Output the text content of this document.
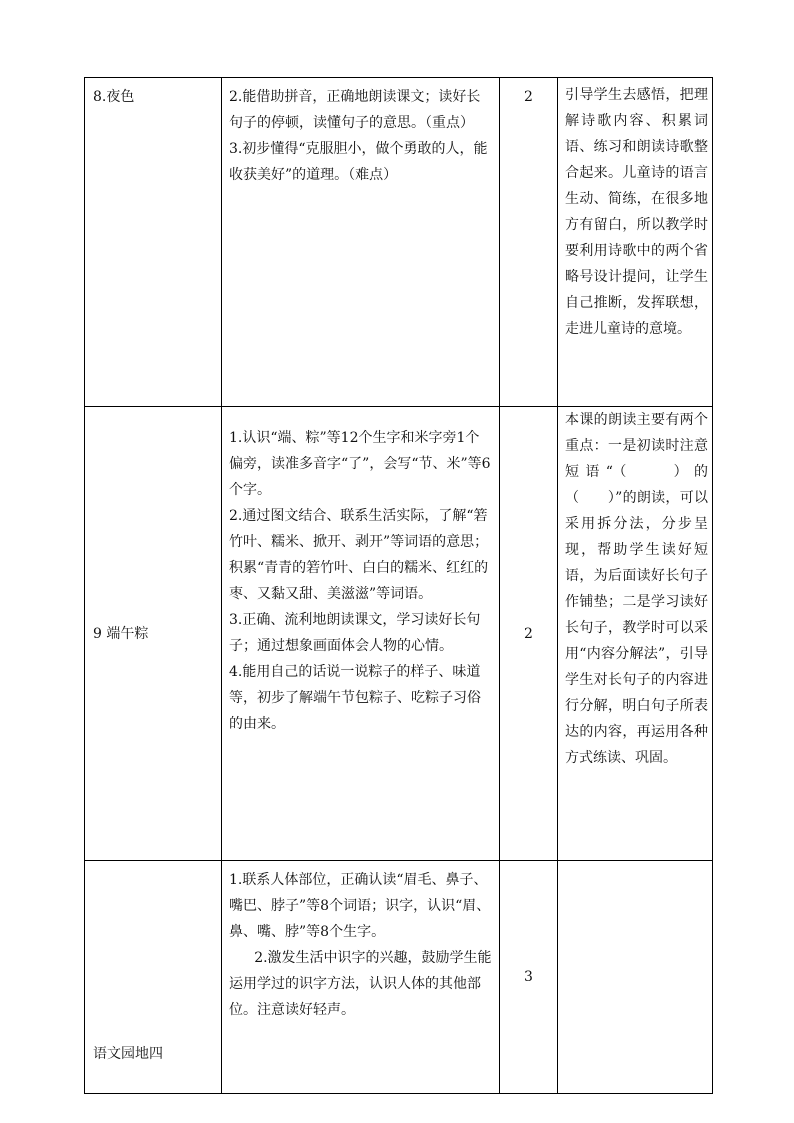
8.夜色	2.能借助拼音，正确地朗读课文；读好长句子的停顿，读懂句子的意思。（重点）

3.初步懂得“克服胆小，做个勇敢的人，能收获美好”的道理。（难点）	2	引导学生去感悟，把理解诗歌内容、积累词语、练习和朗读诗歌整合起来。儿童诗的语言生动、简练，在很多地方有留白，所以教学时要利用诗歌中的两个省略号设计提问，让学生自己推断，发挥联想，走进儿童诗的意境。
9 端午粽	1.认识“端、粽”等12个生字和米字旁1个偏旁，读准多音字“了”，会写“节、米”等6个字。

2.通过图文结合、联系生活实际，了解“箬竹叶、糯米、掀开、剥开”等词语的意思；积累“青青的箬竹叶、白白的糯米、红红的枣、又黏又甜、美滋滋”等词语。

3.正确、流利地朗读课文，学习读好长句子；通过想象画面体会人物的心情。

4.能用自己的话说一说粽子的样子、味道等，初步了解端午节包粽子、吃粽子习俗的由来。	2	本课的朗读主要有两个重点：一是初读时注意短语“（　　）的（　　）”的朗读，可以采用拆分法，分步呈现，帮助学生读好短语，为后面读好长句子作铺垫；二是学习读好长句子，教学时可以采用“内容分解法”，引导学生对长句子的内容进行分解，明白句子所表达的内容，再运用各种方式练读、巩固。
语文园地四	1.联系人体部位，正确认读“眉毛、鼻子、嘴巴、脖子”等8个词语；识字，认识“眉、鼻、嘴、脖”等8个生字。

2.激发生活中识字的兴趣，鼓励学生能运用学过的识字方法，认识人体的其他部位。注意读好轻声。	3	
